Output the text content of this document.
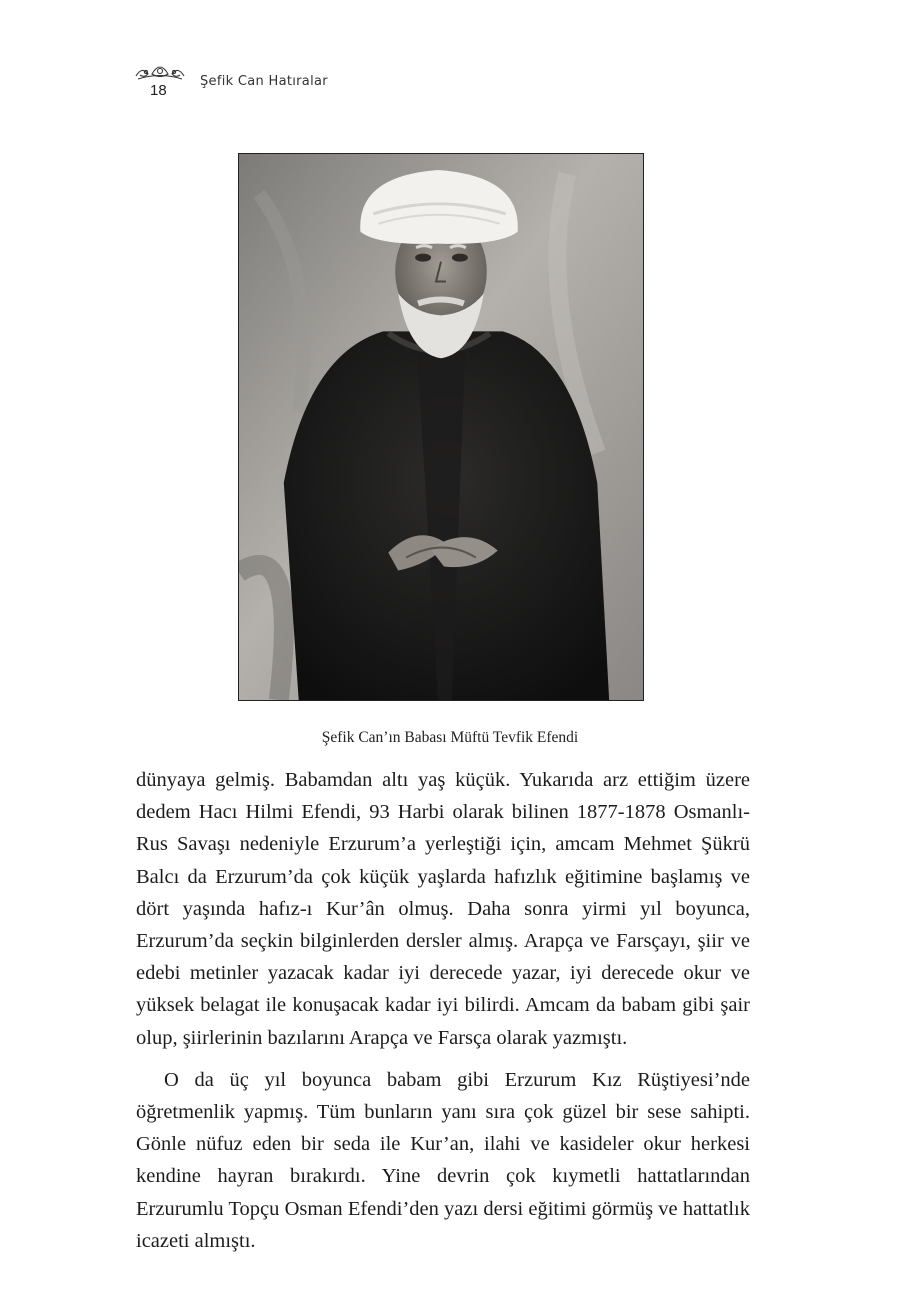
18
Şefik Can Hatıralar
Şefik Can’ın Babası Müftü Tevfik Efendi

dünyaya gelmiş. Babamdan altı yaş küçük. Yukarıda arz ettiğim üzere dedem Hacı Hilmi Efendi, 93 Harbi olarak bilinen 1877-1878 Osmanlı-Rus Savaşı nedeniyle Erzurum’a yerleştiği için, amcam Mehmet Şükrü Balcı da Erzurum’da çok küçük yaşlarda hafızlık eğitimine başlamış ve dört yaşında hafız-ı Kur’ân olmuş. Daha sonra yirmi yıl boyunca, Erzurum’da seçkin bilginlerden dersler almış. Arapça ve Farsçayı, şiir ve edebi metinler yazacak kadar iyi derecede yazar, iyi derecede okur ve yüksek belagat ile konuşacak kadar iyi bilirdi. Amcam da babam gibi şair olup, şiirlerinin bazılarını Arapça ve Farsça olarak yazmıştı.

O da üç yıl boyunca babam gibi Erzurum Kız Rüştiyesi’nde öğretmenlik yapmış. Tüm bunların yanı sıra çok güzel bir sese sahipti. Gönle nüfuz eden bir seda ile Kur’an, ilahi ve kasideler okur herkesi kendine hayran bırakırdı. Yine devrin çok kıymetli hattatlarından Erzurumlu Topçu Osman Efendi’den yazı dersi eğitimi görmüş ve hattatlık icazeti almıştı.
